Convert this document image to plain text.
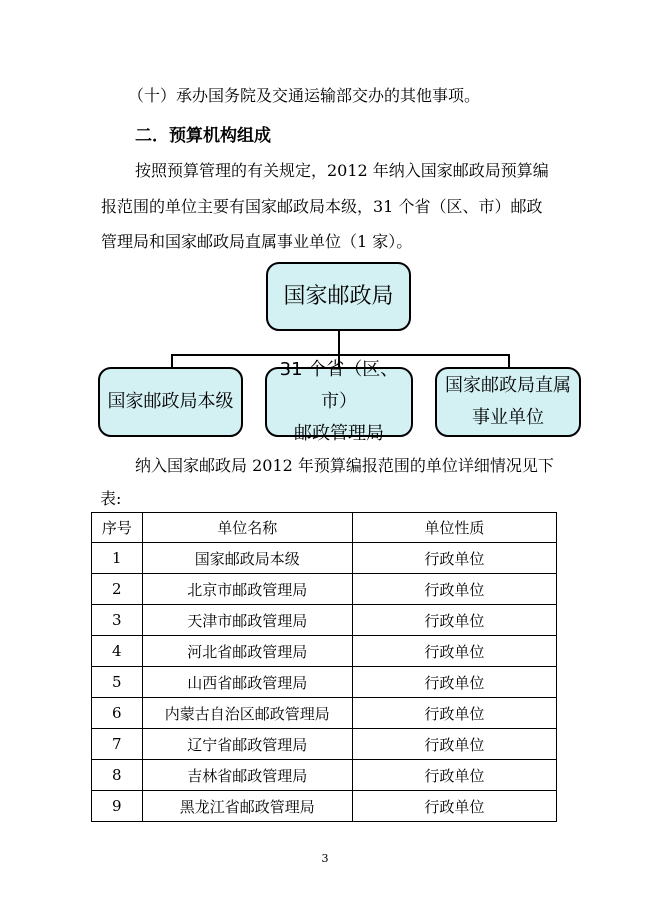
（十）承办国务院及交通运输部交办的其他事项。
二．预算机构组成
按照预算管理的有关规定，2012 年纳入国家邮政局预算编
报范围的单位主要有国家邮政局本级，31 个省（区、市）邮政
管理局和国家邮政局直属事业单位（1 家）。
国家邮政局
国家邮政局本级
31 个省（区、市）
邮政管理局
国家邮政局直属
事业单位
纳入国家邮政局 2012 年预算编报范围的单位详细情况见下
表:
序号	单位名称	单位性质
1	国家邮政局本级	行政单位
2	北京市邮政管理局	行政单位
3	天津市邮政管理局	行政单位
4	河北省邮政管理局	行政单位
5	山西省邮政管理局	行政单位
6	内蒙古自治区邮政管理局	行政单位
7	辽宁省邮政管理局	行政单位
8	吉林省邮政管理局	行政单位
9	黑龙江省邮政管理局	行政单位
3
